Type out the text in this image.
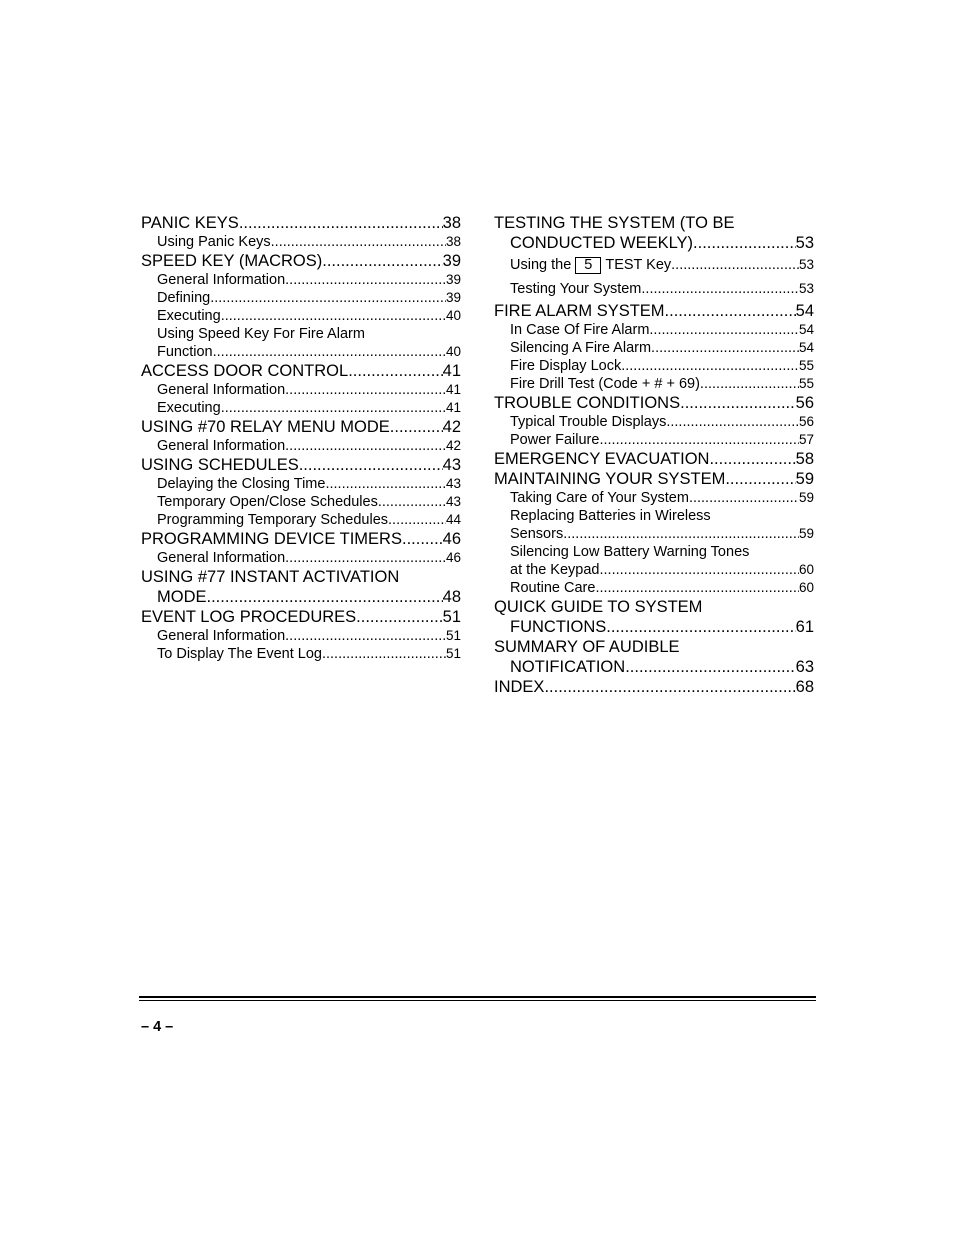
PANIC KEYS .....	38
Using Panic Keys .....	38
SPEED KEY (MACROS) .....	39
General Information .....	39
Defining .....	39
Executing .....	40
Using Speed Key For Fire Alarm
Function .....	40
ACCESS DOOR CONTROL .....	41
General Information .....	41
Executing .....	41
USING #70 RELAY MENU MODE .....	42
General Information .....	42
USING SCHEDULES .....	43
Delaying the Closing Time .....	43
Temporary Open/Close Schedules .....	43
Programming Temporary Schedules .....	44
PROGRAMMING DEVICE TIMERS ..... 46
General Information .....	46
USING #77 INSTANT ACTIVATION
MODE .....	48
EVENT LOG PROCEDURES .....	51
General Information .....	51
To Display The Event Log .....	51
TESTING THE SYSTEM (TO BE
CONDUCTED WEEKLY) .....	53
Using the 5 TEST Key .....	53
Testing Your System .....	53
FIRE ALARM SYSTEM .....	54
In Case Of Fire Alarm .....	54
Silencing A Fire Alarm .....	54
Fire Display Lock .....	55
Fire Drill Test (Code + # + 69) .....	55
TROUBLE CONDITIONS .....	56
Typical Trouble Displays .....	56
Power Failure .....	57
EMERGENCY EVACUATION .....	58
MAINTAINING YOUR SYSTEM .....	59
Taking Care of Your System .....	59
Replacing Batteries in Wireless
Sensors .....	59
Silencing Low Battery Warning Tones
at the Keypad .....	60
Routine Care .....	60
QUICK GUIDE TO SYSTEM
FUNCTIONS .....	61
SUMMARY OF AUDIBLE
NOTIFICATION .....	63
INDEX .....	68
– 4 –
